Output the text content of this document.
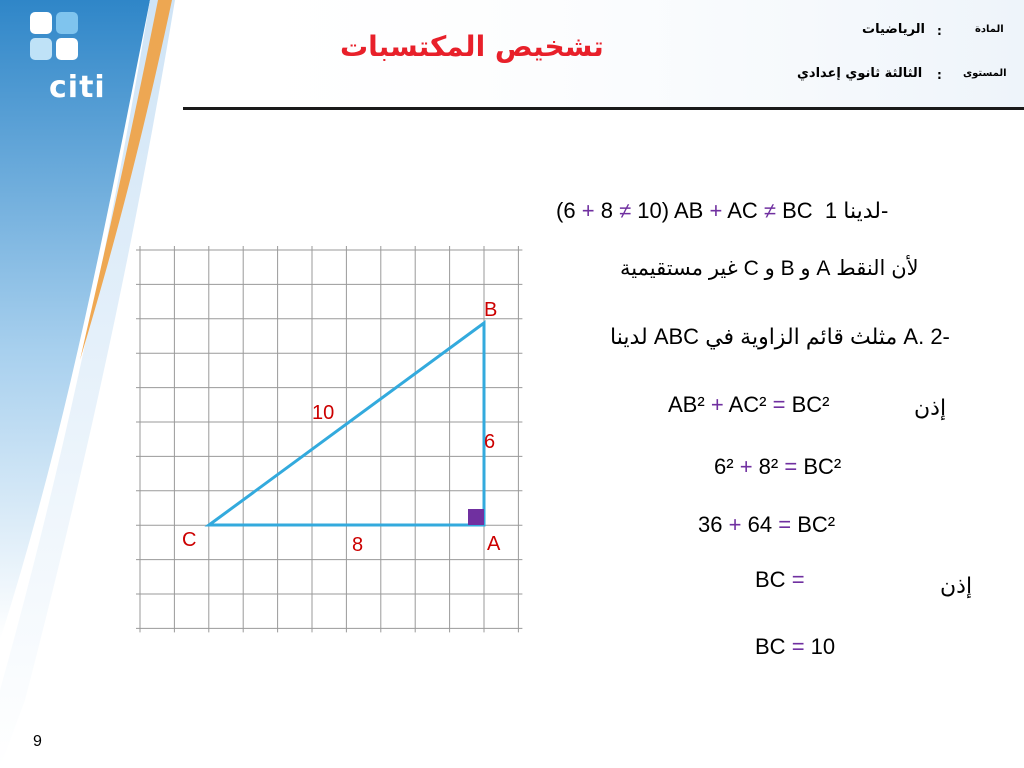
citi
تشخيص المكتسبات
المادة
:
الرياضيات
المستوى
:
الثالثة ثانوي إعدادي
B
C	A
10
6
8
(6 + 8 ≠ 10) AB + AC ≠ BC لدينا 1-
لأن النقط A و B و C غير مستقيمية
لدينا ABC مثلث قائم الزاوية في A. 2-
إذن
AB² + AC² = BC²
6² + 8² = BC²
36 + 64 = BC²
BC =	إذن
BC = 10
9
